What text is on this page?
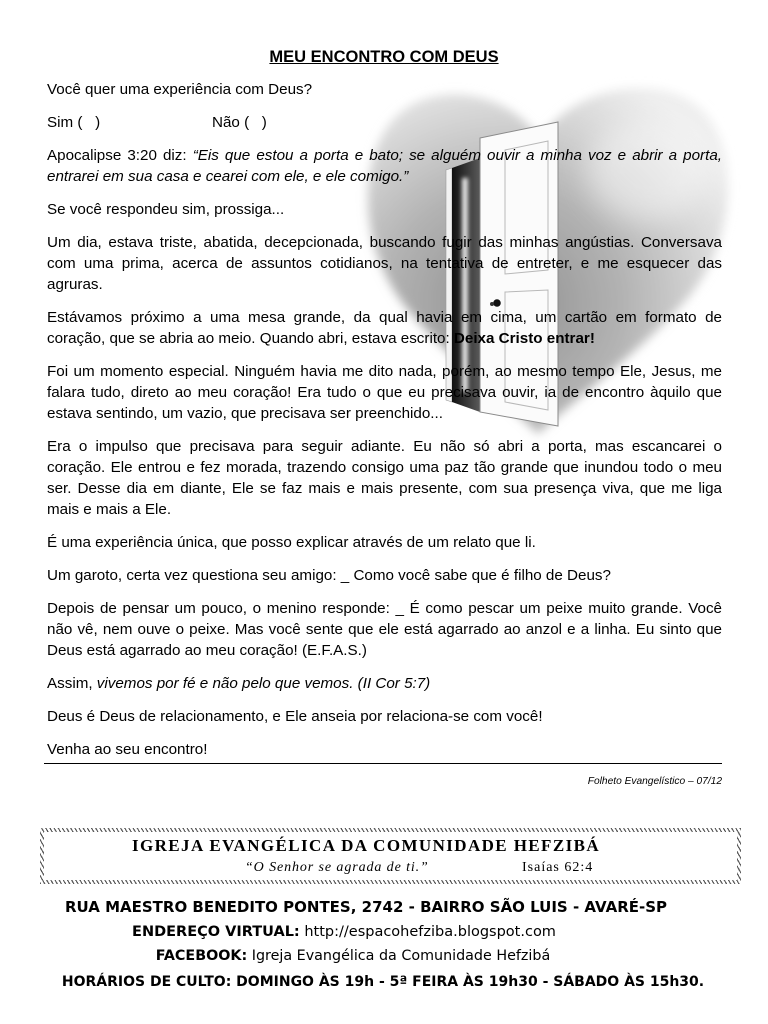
MEU ENCONTRO COM DEUS
Você quer uma experiência com Deus?
Sim (   )	Não (   )
Apocalipse 3:20 diz: “Eis que estou a porta e bato; se alguém ouvir a minha voz e abrir a porta,
entrarei em sua casa e cearei com ele, e ele comigo.”
Se você respondeu sim, prossiga...
Um dia, estava triste, abatida, decepcionada, buscando fugir das minhas angústias. Conversava
com uma prima, acerca de assuntos cotidianos, na tentativa de entreter, e me esquecer das
agruras.
Estávamos próximo a uma mesa grande, da qual havia em cima, um cartão em formato de
coração, que se abria ao meio. Quando abri, estava escrito: Deixa Cristo entrar!
Foi um momento especial. Ninguém havia me dito nada, porém, ao mesmo tempo Ele, Jesus, me
falara tudo, direto ao meu coração! Era tudo o que eu precisava ouvir, ia de encontro àquilo que
estava sentindo, um vazio, que precisava ser preenchido...
Era o impulso que precisava para seguir adiante. Eu não só abri a porta, mas escancarei o
coração. Ele entrou e fez morada, trazendo consigo uma paz tão grande que inundou todo o meu
ser. Desse dia em diante, Ele se faz mais e mais presente, com sua presença viva, que me liga
mais e mais a Ele.
É uma experiência única, que posso explicar através de um relato que li.
Um garoto, certa vez questiona seu amigo: _ Como você sabe que é filho de Deus?
Depois de pensar um pouco, o menino responde: _ É como pescar um peixe muito grande. Você
não vê, nem ouve o peixe. Mas você sente que ele está agarrado ao anzol e a linha. Eu sinto que
Deus está agarrado ao meu coração! (E.F.A.S.)
Assim, vivemos por fé e não pelo que vemos. (II Cor 5:7)
Deus é Deus de relacionamento, e Ele anseia por relaciona-se com você!
Venha ao seu encontro!
Folheto Evangelístico – 07/12
IGREJA EVANGÉLICA DA COMUNIDADE HEFZIBÁ
“O Senhor se agrada de ti.”	Isaías 62:4
RUA MAESTRO BENEDITO PONTES, 2742 - BAIRRO SÃO LUIS - AVARÉ-SP
ENDEREÇO VIRTUAL: http://espacohefziba.blogspot.com
FACEBOOK: Igreja Evangélica da Comunidade Hefzibá
HORÁRIOS DE CULTO: DOMINGO ÀS 19h - 5ª FEIRA ÀS 19h30 - SÁBADO ÀS 15h30.
